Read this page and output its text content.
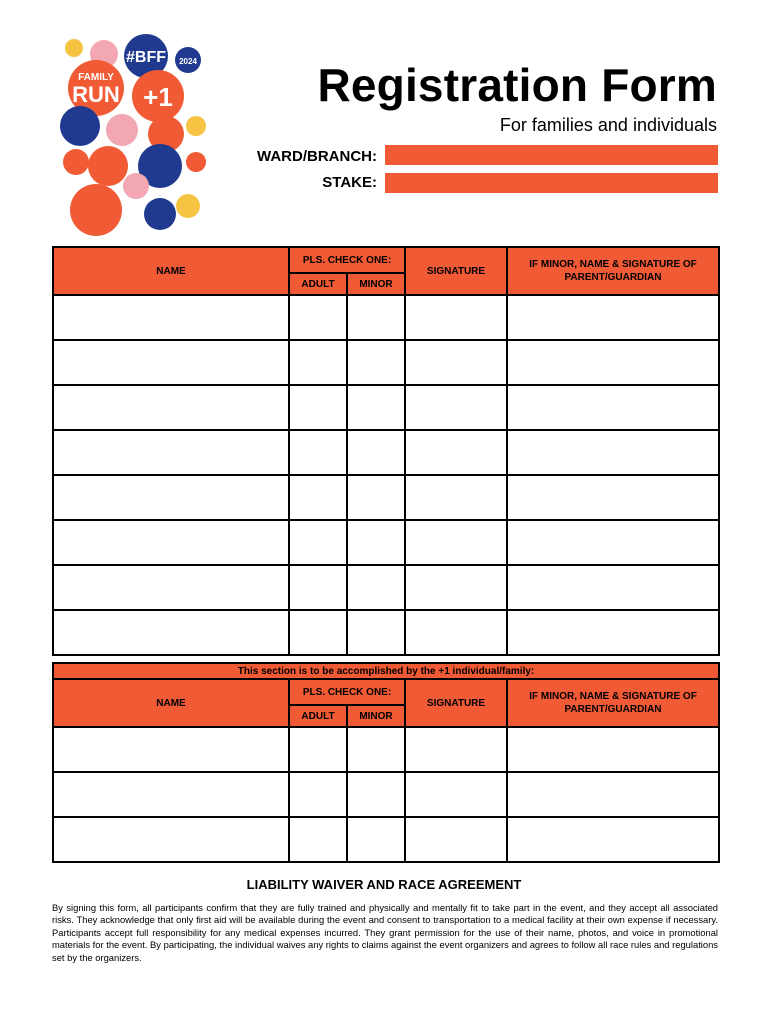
FAMILY
RUN
#BFF
+1
2024	Registration Form
For families and individuals
WARD/BRANCH:
STAKE:
NAME	PLS. CHECK ONE:		SIGNATURE	IF MINOR, NAME & SIGNATURE OF PARENT/GUARDIAN
	ADULT	MINOR		

This section is to be accomplished by the +1 individual/family:				
NAME	PLS. CHECK ONE:		SIGNATURE	IF MINOR, NAME & SIGNATURE OF PARENT/GUARDIAN
	ADULT	MINOR		

LIABILITY WAIVER AND RACE AGREEMENT
By signing this form, all participants confirm that they are fully trained and physically and mentally fit to take part in the event, and they accept all associated risks. They acknowledge that only first aid will be available during the event and consent to transportation to a medical facility at their own expense if necessary. Participants accept full responsibility for any medical expenses incurred. They grant permission for the use of their name, photos, and voice in promotional materials for the event. By participating, the individual waives any rights to claims against the event organizers and agrees to follow all race rules and regulations set by the organizers.
